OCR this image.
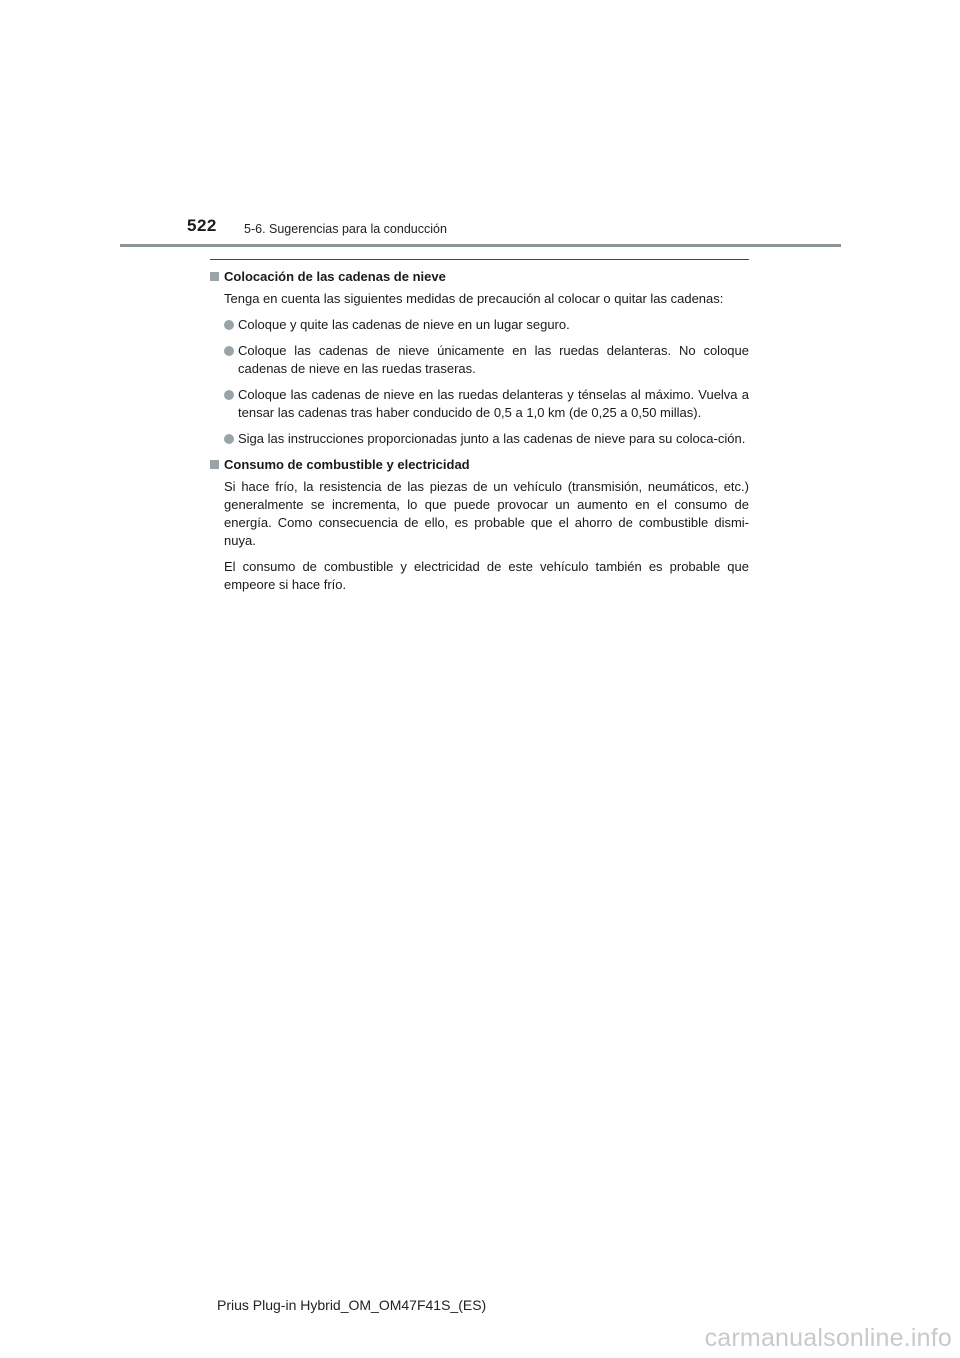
522 5-6. Sugerencias para la conducción
Colocación de las cadenas de nieve
Tenga en cuenta las siguientes medidas de precaución al colocar o quitar las cadenas:
Coloque y quite las cadenas de nieve en un lugar seguro.
Coloque las cadenas de nieve únicamente en las ruedas delanteras. No coloque cadenas de nieve en las ruedas traseras.
Coloque las cadenas de nieve en las ruedas delanteras y ténselas al máximo. Vuelva a tensar las cadenas tras haber conducido de 0,5 a 1,0 km (de 0,25 a 0,50 millas).
Siga las instrucciones proporcionadas junto a las cadenas de nieve para su coloca-ción.
Consumo de combustible y electricidad
Si hace frío, la resistencia de las piezas de un vehículo (transmisión, neumáticos, etc.) generalmente se incrementa, lo que puede provocar un aumento en el consumo de energía. Como consecuencia de ello, es probable que el ahorro de combustible dismi-nuya.
El consumo de combustible y electricidad de este vehículo también es probable que empeore si hace frío.
Prius Plug-in Hybrid_OM_OM47F41S_(ES)
carmanualsonline.info
